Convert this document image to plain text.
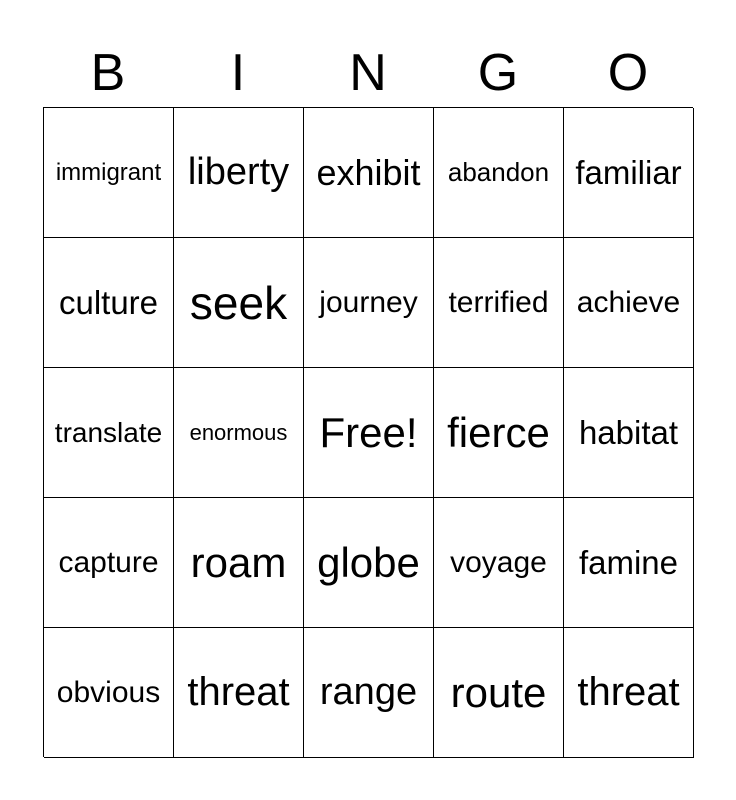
B	I	N	G	O
immigrant liberty exhibit	abandon familiar
culture seek	journey	terrified achieve
translate	enormous Free! fierce habitat
capture roam globe	voyage famine
obvious threat range route threat
